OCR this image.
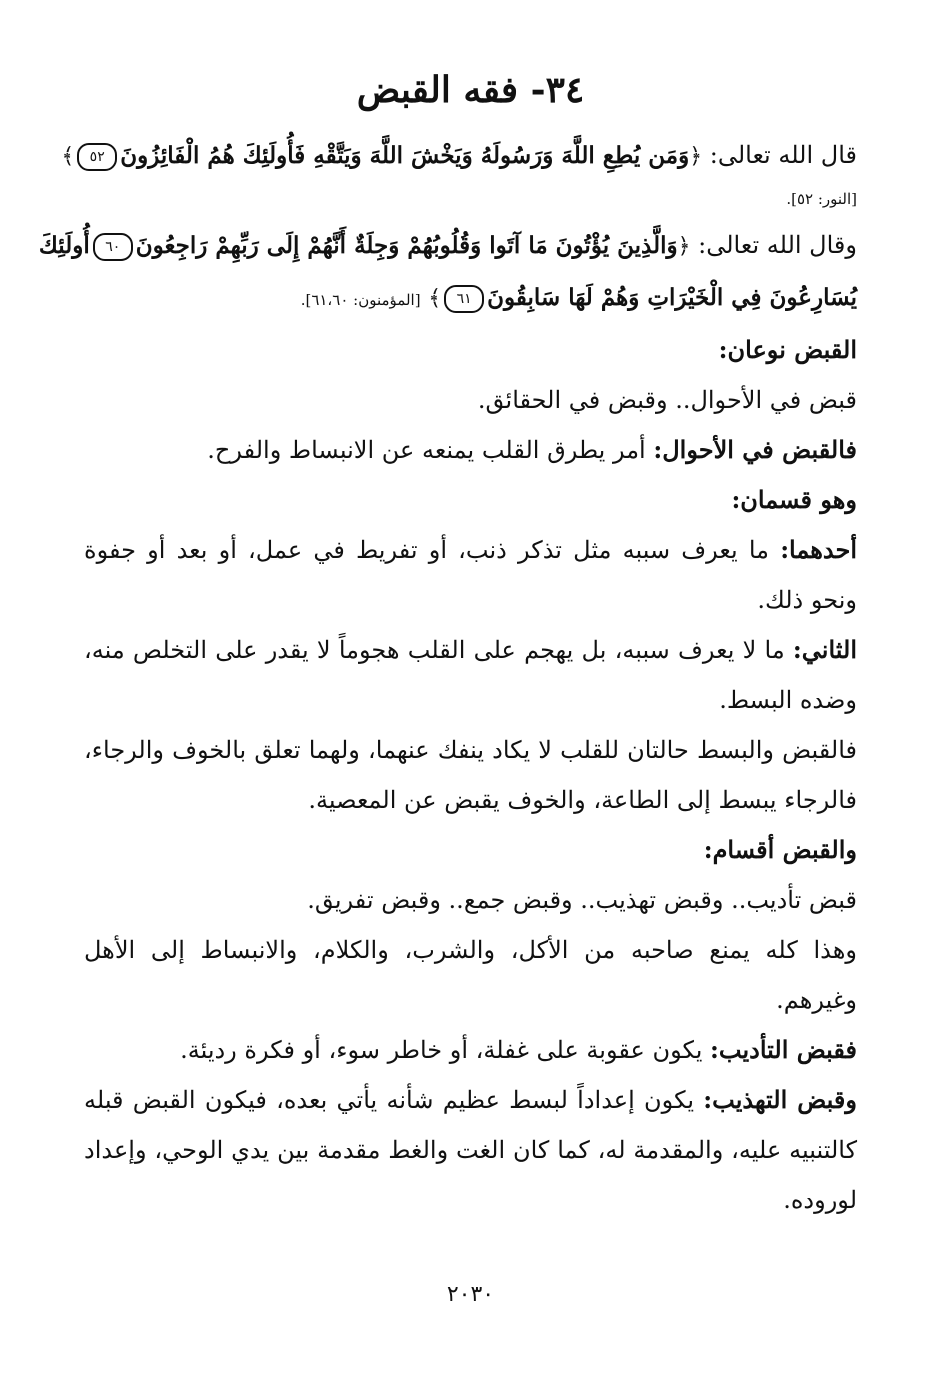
٣٤- فقه القبض

قال الله تعالى: ﴿وَمَن يُطِعِ اللَّهَ وَرَسُولَهُ وَيَخْشَ اللَّهَ وَيَتَّقْهِ فَأُولَئِكَ هُمُ الْفَائِزُونَ٥٢﴾

[النور: ٥٢].

وقال الله تعالى: ﴿وَالَّذِينَ يُؤْتُونَ مَا آتَوا وَقُلُوبُهُمْ وَجِلَةٌ أَنَّهُمْ إِلَى رَبِّهِمْ رَاجِعُونَ٦٠أُولَئِكَ

يُسَارِعُونَ فِي الْخَيْرَاتِ وَهُمْ لَهَا سَابِقُونَ٦١﴾ [المؤمنون: ٦١،٦٠].

القبض نوعان:

قبض في الأحوال.. وقبض في الحقائق.

فالقبض في الأحوال: أمر يطرق القلب يمنعه عن الانبساط والفرح.

وهو قسمان:

أحدهما: ما يعرف سببه مثل تذكر ذنب، أو تفريط في عمل، أو بعد أو جفوة ونحو ذلك.

الثاني: ما لا يعرف سببه، بل يهجم على القلب هجوماً لا يقدر على التخلص منه، وضده البسط.

فالقبض والبسط حالتان للقلب لا يكاد ينفك عنهما، ولهما تعلق بالخوف والرجاء، فالرجاء يبسط إلى الطاعة، والخوف يقبض عن المعصية.

والقبض أقسام:

قبض تأديب.. وقبض تهذيب.. وقبض جمع.. وقبض تفريق.

وهذا كله يمنع صاحبه من الأكل، والشرب، والكلام، والانبساط إلى الأهل وغيرهم.

فقبض التأديب: يكون عقوبة على غفلة، أو خاطر سوء، أو فكرة رديئة.

وقبض التهذيب: يكون إعداداً لبسط عظيم شأنه يأتي بعده، فيكون القبض قبله كالتنبيه عليه، والمقدمة له، كما كان الغت والغط مقدمة بين يدي الوحي، وإعداد لوروده.

٢٠٣٠
